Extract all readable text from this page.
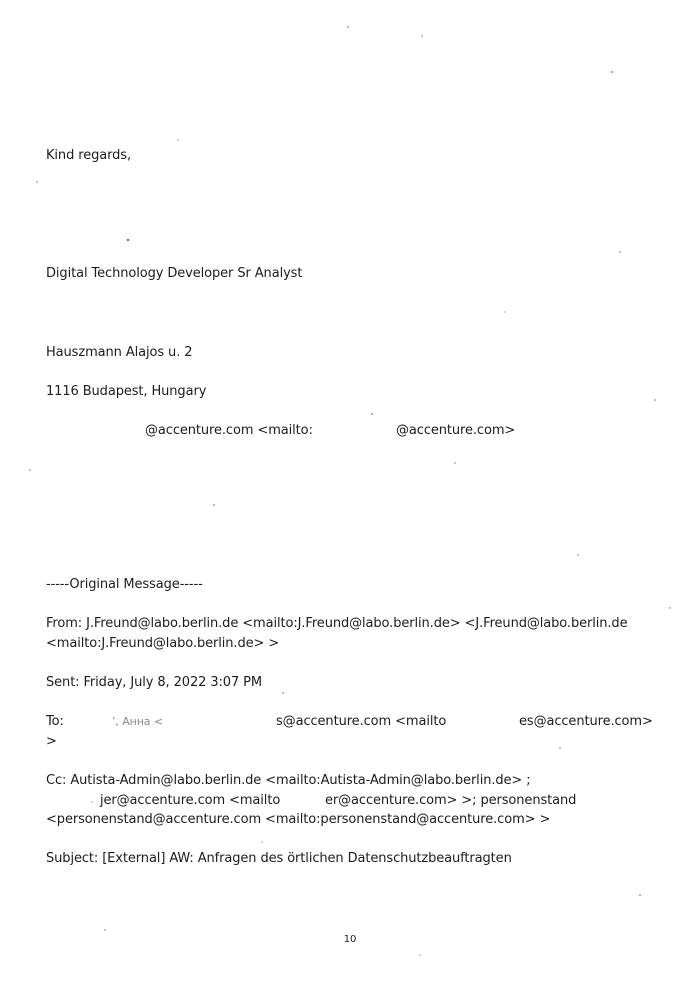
Kind regards,
Digital Technology Developer Sr Analyst
Hauszmann Alajos u. 2
1116 Budapest, Hungary
@accenture.com <mailto:	@accenture.com>
-----Original Message-----
From: J.Freund@labo.berlin.de <mailto:J.Freund@labo.berlin.de> <J.Freund@labo.berlin.de
<mailto:J.Freund@labo.berlin.de> >
Sent: Friday, July 8, 2022 3:07 PM
To:	’, Анна <	s@accenture.com <mailto	es@accenture.com>
>
Cc: Autista-Admin@labo.berlin.de <mailto:Autista-Admin@labo.berlin.de> ;
jer@accenture.com <mailto	er@accenture.com> >; personenstand
<personenstand@accenture.com <mailto:personenstand@accenture.com> >
Subject: [External] AW: Anfragen des örtlichen Datenschutzbeauftragten
10
